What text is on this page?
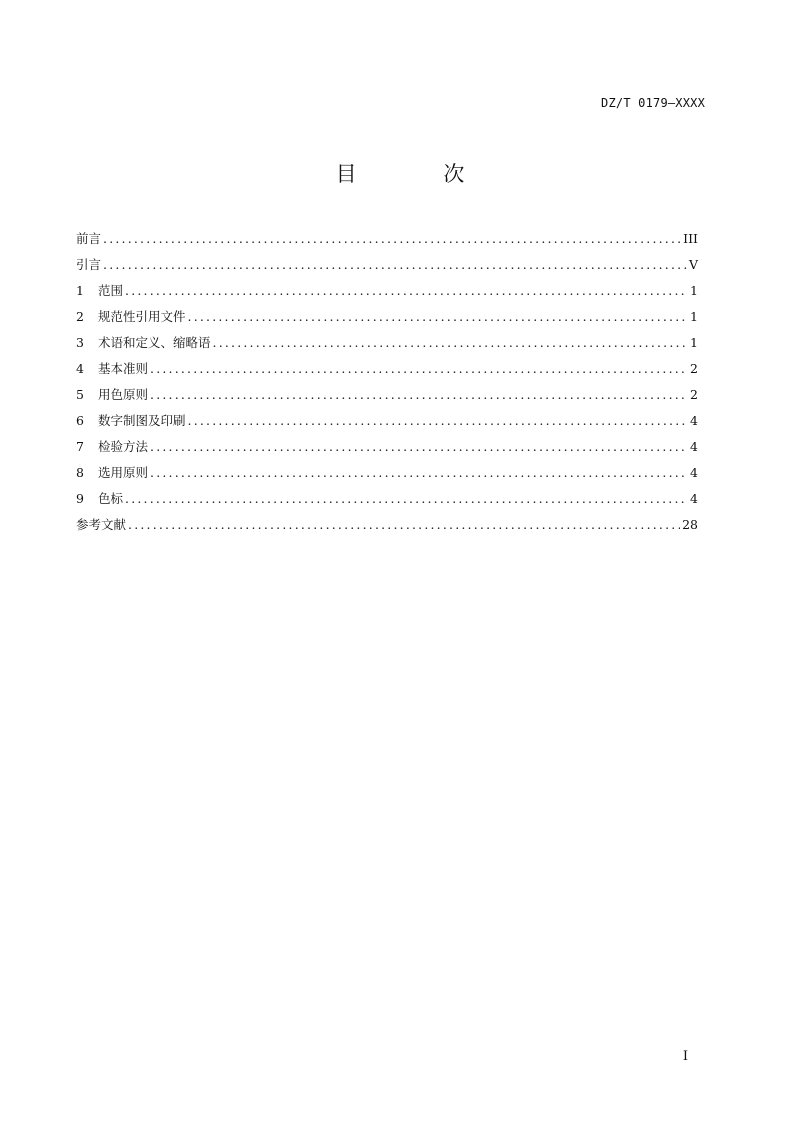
DZ/T 0179—XXXX
目 次
前言 .....	III
引言 .....	V
1	范围 .....	1
2	规范性引用文件 .....	1
3	术语和定义、缩略语 .....	1
4	基本准则 .....	2
5	用色原则 .....	2
6	数字制图及印刷 .....	4
7	检验方法 .....	4
8	选用原则 .....	4
9	色标 .....	4
参考文献 .....	28
I
